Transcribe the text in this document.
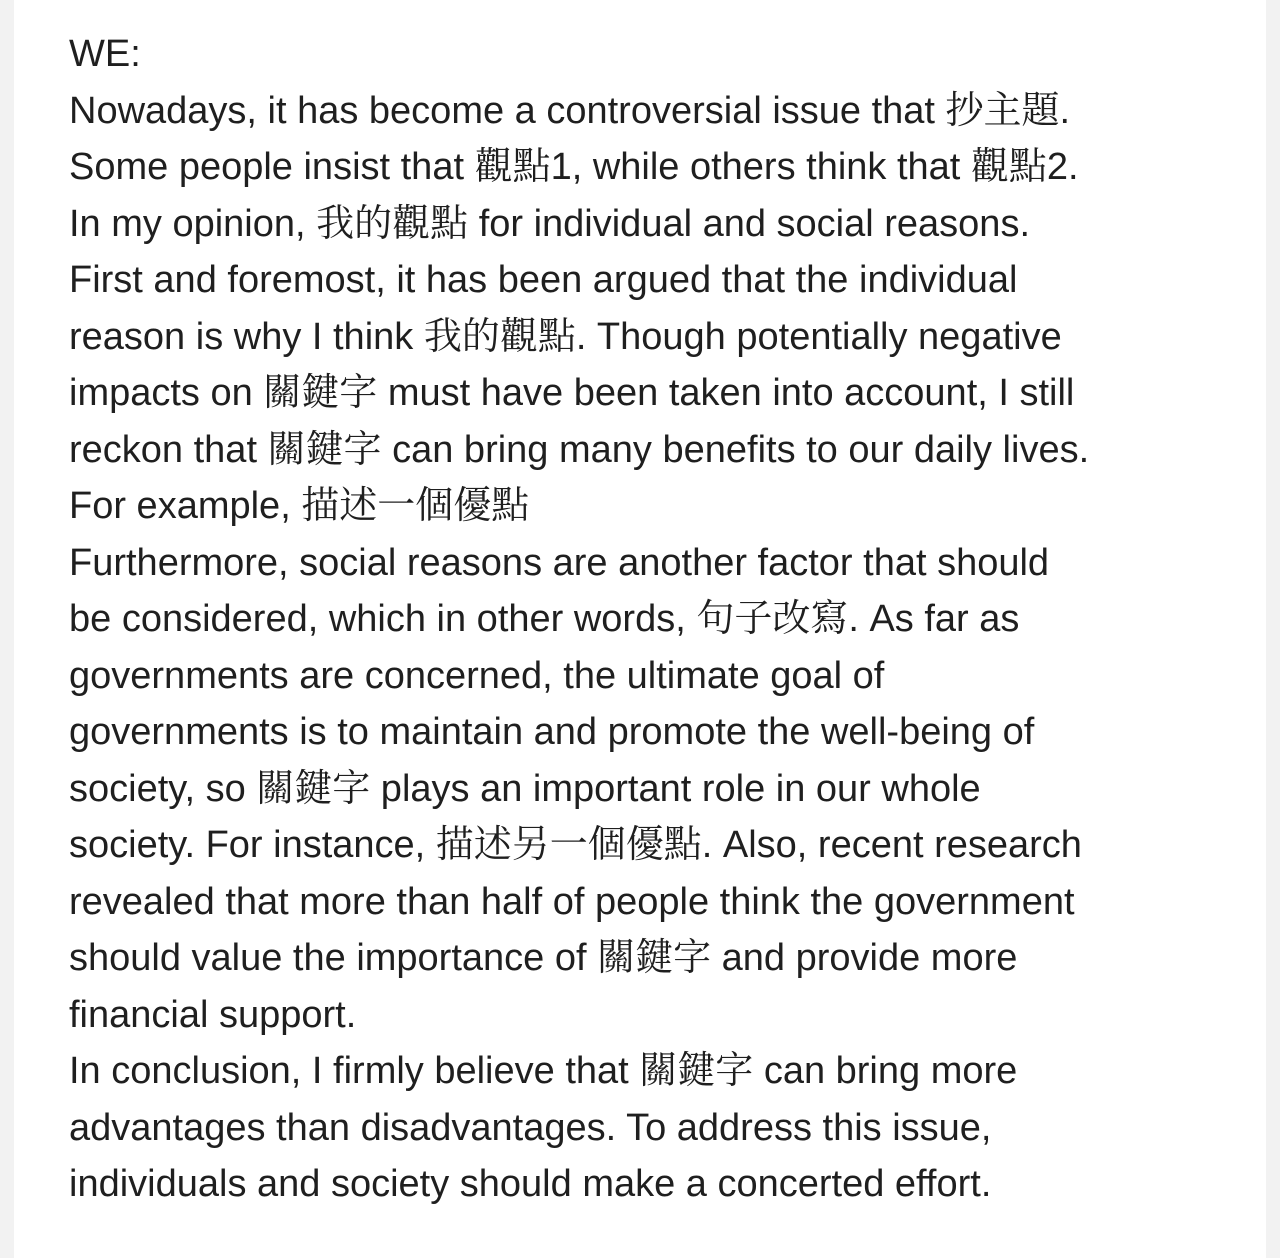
WE:
Nowadays, it has become a controversial issue that 抄主題.
Some people insist that 觀點1, while others think that 觀點2.
In my opinion, 我的觀點 for individual and social reasons.
First and foremost, it has been argued that the individual
reason is why I think 我的觀點. Though potentially negative
impacts on 關鍵字 must have been taken into account, I still
reckon that 關鍵字 can bring many benefits to our daily lives.
For example, 描述一個優點
Furthermore, social reasons are another factor that should
be considered, which in other words, 句子改寫. As far as
governments are concerned, the ultimate goal of
governments is to maintain and promote the well-being of
society, so 關鍵字 plays an important role in our whole
society. For instance, 描述另一個優點. Also, recent research
revealed that more than half of people think the government
should value the importance of 關鍵字 and provide more
financial support.
In conclusion, I firmly believe that 關鍵字 can bring more
advantages than disadvantages. To address this issue,
individuals and society should make a concerted effort.
